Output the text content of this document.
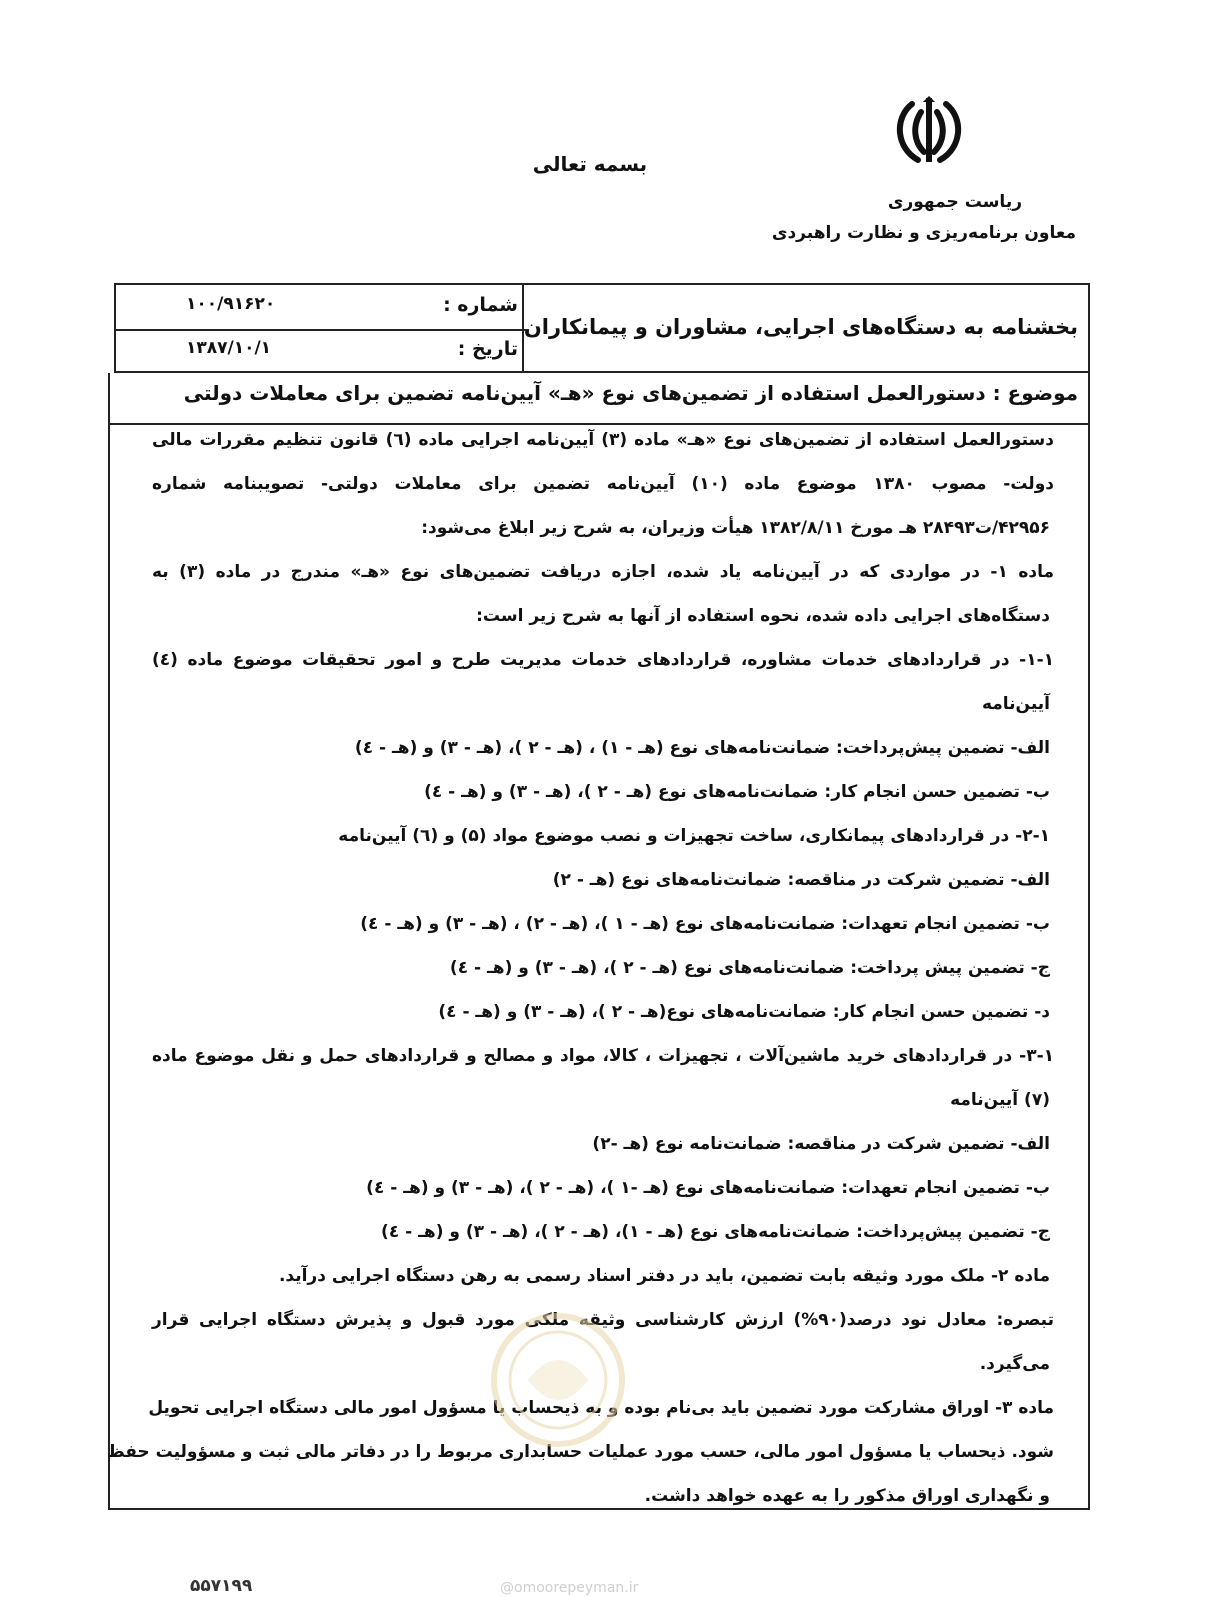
بسمه تعالی
ریاست جمهوری
معاون برنامه‌ریزی و نظارت راهبردی
شماره :
۱۰۰/۹۱۶۲۰
تاریخ :
۱۳۸۷/۱۰/۱
بخشنامه به دستگاه‌های اجرایی، مشاوران و پیمانکاران
موضوع : دستورالعمل استفاده از تضمین‌های نوع «هـ» آیین‌نامه تضمین برای معاملات دولتی
دستورالعمل استفاده از تضمین‌های نوع «هـ» ماده (۳) آیین‌نامه اجرایی ماده (٦) قانون تنظیم مقررات مالی
دولت- مصوب ۱۳۸۰ موضوع ماده (۱۰) آیین‌نامه تضمین برای معاملات دولتی- تصویبنامه شماره
۴۲۹۵۶/ت۲۸۴۹۳ هـ مورخ ۱۳۸۲/۸/۱۱ هیأت وزیران، به شرح زیر ابلاغ می‌شود:
ماده ۱- در مواردی که در آیین‌نامه یاد شده، اجازه دریافت تضمین‌های نوع «هـ» مندرج در ماده (۳) به
دستگاه‌های اجرایی داده شده، نحوه استفاده از آنها به شرح زیر است:
۱-۱- در قراردادهای خدمات مشاوره، قراردادهای خدمات مدیریت طرح و امور تحقیقات موضوع ماده (٤)
آیین‌نامه
الف- تضمین پیش‌پرداخت: ضمانت‌نامه‌های نوع (هـ - ۱) ، (هـ - ۲ )، (هـ - ۳) و (هـ - ٤)
ب- تضمین حسن انجام کار: ضمانت‌نامه‌های نوع (هـ - ۲ )، (هـ - ۳) و (هـ - ٤)
۲-۱- در قراردادهای پیمانکاری، ساخت تجهیزات و نصب موضوع مواد (۵) و (٦) آیین‌نامه
الف- تضمین شرکت در مناقصه: ضمانت‌نامه‌های نوع (هـ - ۲)
ب- تضمین انجام تعهدات: ضمانت‌نامه‌های نوع (هـ - ۱ )، (هـ - ۲) ، (هـ - ۳) و (هـ - ٤)
ج- تضمین پیش پرداخت: ضمانت‌نامه‌های نوع (هـ - ۲ )، (هـ - ۳) و (هـ - ٤)
د- تضمین حسن انجام کار: ضمانت‌نامه‌های نوع(هـ - ۲ )، (هـ - ۳) و (هـ - ٤)
۳-۱- در قراردادهای خرید ماشین‌آلات ، تجهیزات ، کالا، مواد و مصالح و قراردادهای حمل و نقل موضوع ماده
(۷) آیین‌نامه
الف- تضمین شرکت در مناقصه: ضمانت‌نامه نوع (هـ -۲)
ب- تضمین انجام تعهدات: ضمانت‌نامه‌های نوع (هـ -۱ )، (هـ - ۲ )، (هـ - ۳) و (هـ - ٤)
ج- تضمین پیش‌پرداخت: ضمانت‌نامه‌های نوع (هـ - ۱)، (هـ - ۲ )، (هـ - ۳) و (هـ - ٤)
ماده ۲- ملک مورد وثیقه بابت تضمین، باید در دفتر اسناد رسمی به رهن دستگاه اجرایی درآید.
تبصره: معادل نود درصد(۹۰%) ارزش کارشناسی وثیقه ملکی مورد قبول و پذیرش دستگاه اجرایی قرار
می‌گیرد.
ماده ۳- اوراق مشارکت مورد تضمین باید بی‌نام بوده و به ذیحساب یا مسؤول امور مالی دستگاه اجرایی تحویل
شود. ذیحساب یا مسؤول امور مالی، حسب مورد عملیات حسابداری مربوط را در دفاتر مالی ثبت و مسؤولیت حفظ
و نگهداری اوراق مذکور را به عهده خواهد داشت.
۵۵۷۱۹۹	@omoorepeyman.ir
